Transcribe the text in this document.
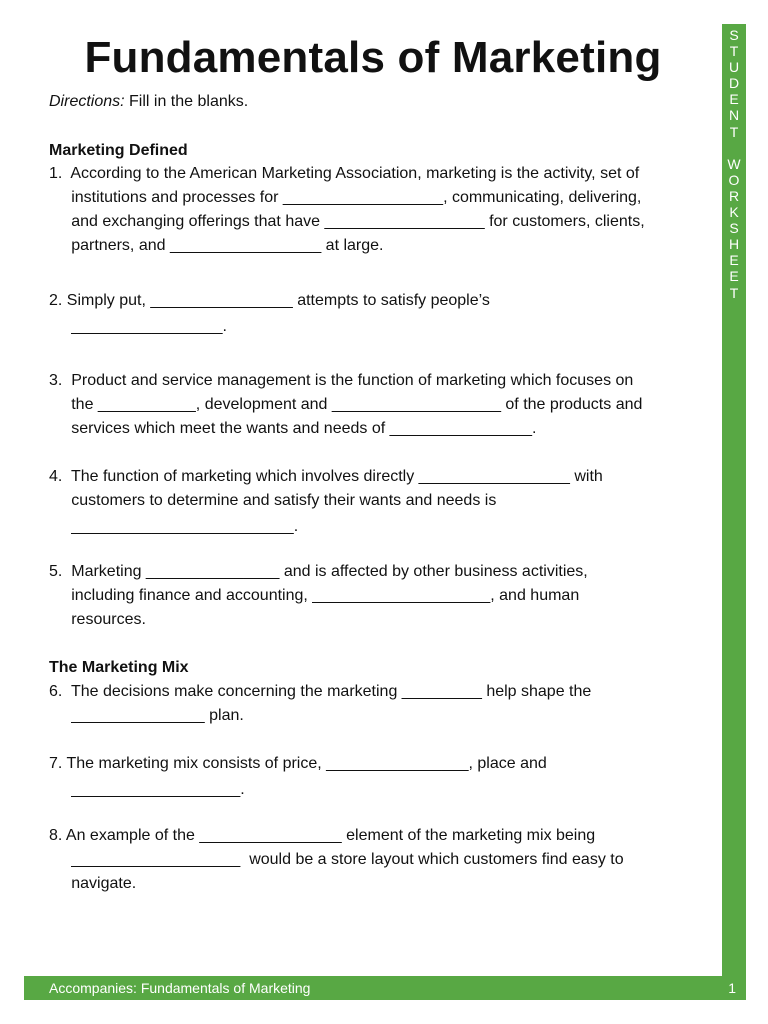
S
T
U
D
E
N
T
W
O
R
K
S
H
E
E
T
Fundamentals of Marketing
Directions: Fill in the blanks.
Marketing Defined
1.  According to the American Marketing Association, marketing is the activity, set of
institutions and processes for __________________, communicating, delivering,
and exchanging offerings that have __________________ for customers, clients,
partners, and _________________ at large.
2. Simply put, ________________ attempts to satisfy people’s
_________________.
3.  Product and service management is the function of marketing which focuses on
the ___________, development and ___________________ of the products and
services which meet the wants and needs of ________________.
4.  The function of marketing which involves directly _________________ with
customers to determine and satisfy their wants and needs is
_________________________.
5.  Marketing _______________ and is affected by other business activities,
including finance and accounting, ____________________, and human
resources.
The Marketing Mix
6.  The decisions make concerning the marketing _________ help shape the
_______________ plan.
7. The marketing mix consists of price, ________________, place and
___________________.
8. An example of the ________________ element of the marketing mix being
___________________  would be a store layout which customers find easy to
navigate.
Accompanies: Fundamentals of Marketing	1
